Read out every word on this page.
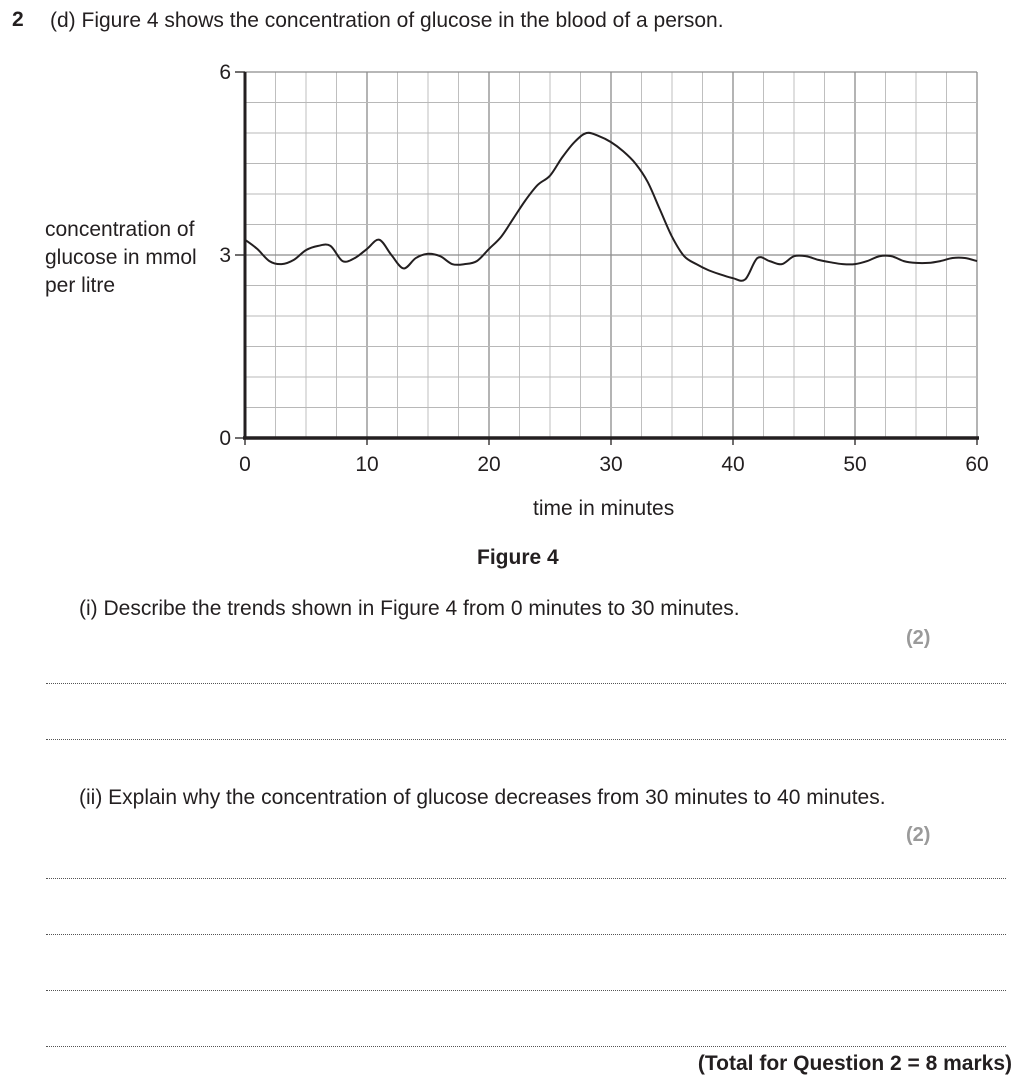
2 (d) Figure 4 shows the concentration of glucose in the blood of a person.
concentration of glucose in mmol per litre
0	10	20	30	40	50	60
0
3
6
time in minutes
Figure 4
(i) Describe the trends shown in Figure 4 from 0 minutes to 30 minutes.
(2)
(ii) Explain why the concentration of glucose decreases from 30 minutes to 40 minutes.
(2)
(Total for Question 2 = 8 marks)
